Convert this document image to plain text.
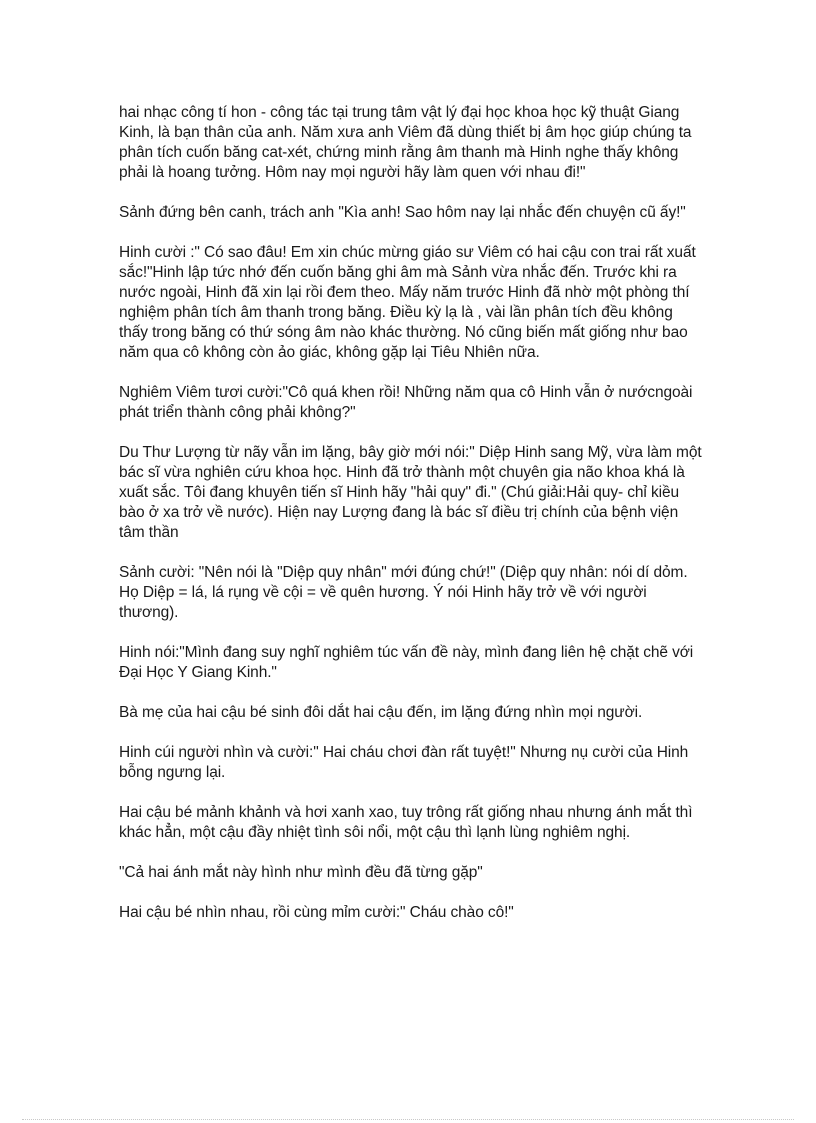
hai nhạc công tí hon - công tác tại trung tâm vật lý đại học khoa học kỹ thuật Giang Kinh, là bạn thân của anh. Năm xưa anh Viêm đã dùng thiết bị âm học giúp chúng ta phân tích cuốn băng cat-xét, chứng minh rằng âm thanh mà Hinh nghe thấy không phải là hoang tưởng. Hôm nay mọi người hãy làm quen với nhau đi!"

Sảnh đứng bên canh, trách anh "Kìa anh! Sao hôm nay lại nhắc đến chuyện cũ ấy!"

Hinh cười :" Có sao đâu! Em xin chúc mừng giáo sư Viêm có hai cậu con trai rất xuất sắc!"Hinh lập tức nhớ đến cuốn băng ghi âm mà Sảnh vừa nhắc đến. Trước khi ra nước ngoài, Hinh đã xin lại rồi đem theo. Mấy năm trước Hinh đã nhờ một phòng thí nghiệm phân tích âm thanh trong băng. Điều kỳ lạ là , vài lần phân tích đều không thấy trong băng có thứ sóng âm nào khác thường. Nó cũng biến mất giống như bao năm qua cô không còn ảo giác, không gặp lại Tiêu Nhiên nữa.

Nghiêm Viêm tươi cười:"Cô quá khen rồi! Những năm qua cô Hinh vẫn ở nướcngoài phát triển thành công phải không?"

Du Thư Lượng từ nãy vẫn im lặng, bây giờ mới nói:" Diệp Hinh sang Mỹ, vừa làm một bác sĩ vừa nghiên cứu khoa học. Hinh đã trở thành một chuyên gia não khoa khá là xuất sắc. Tôi đang khuyên tiến sĩ Hinh hãy "hải quy" đi." (Chú giải:Hải quy- chỉ kiều bào ở xa trở về nước). Hiện nay Lượng đang là bác sĩ điều trị chính của bệnh viện tâm thần

Sảnh cười: "Nên nói là "Diệp quy nhân" mới đúng chứ!" (Diệp quy nhân: nói dí dỏm. Họ Diệp = lá, lá rụng về cội = về quên hương. Ý nói Hinh hãy trở về với người thương).

Hinh nói:"Mình đang suy nghĩ nghiêm túc vấn đề này, mình đang liên hệ chặt chẽ với Đại Học Y Giang Kinh."

Bà mẹ của hai cậu bé sinh đôi dắt hai cậu đến, im lặng đứng nhìn mọi người.

Hinh cúi người nhìn và cười:" Hai cháu chơi đàn rất tuyệt!" Nhưng nụ cười của Hinh bỗng ngưng lại.

Hai cậu bé mảnh khảnh và hơi xanh xao, tuy trông rất giống nhau nhưng ánh mắt thì khác hẳn, một cậu đầy nhiệt tình sôi nổi, một cậu thì lạnh lùng nghiêm nghị.

"Cả hai ánh mắt này hình như mình đều đã từng gặp"

Hai cậu bé nhìn nhau, rồi cùng mỉm cười:" Cháu chào cô!"
